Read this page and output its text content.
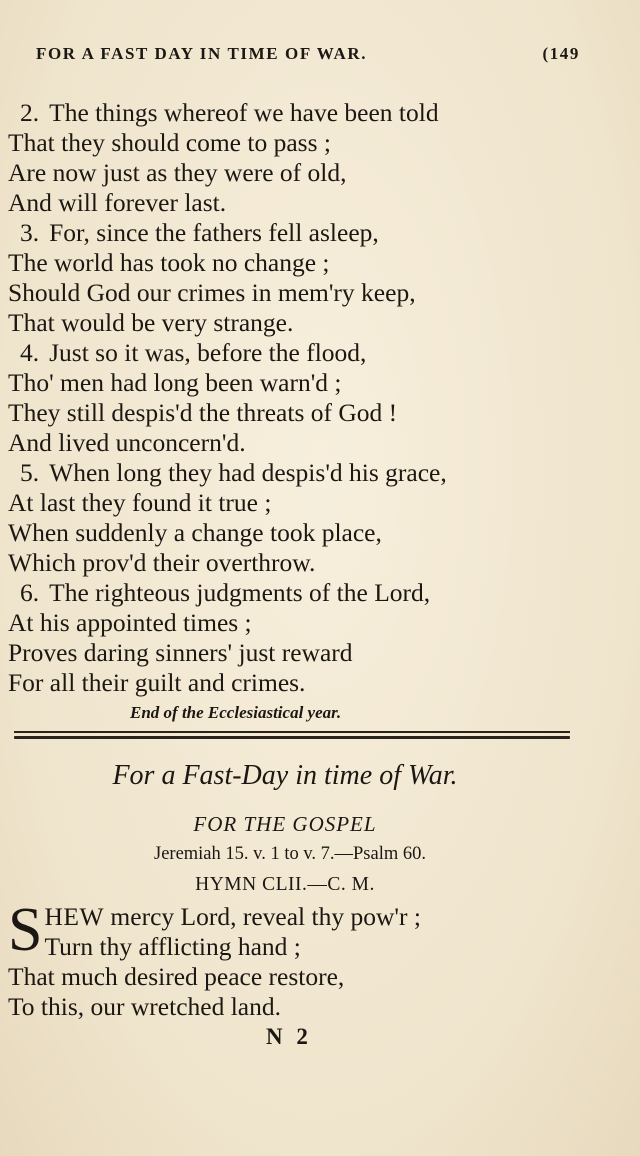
FOR A FAST DAY IN TIME OF WAR.	(149
2. The things whereof we have been told
That they should come to pass ;
Are now just as they were of old,
And will forever last.
3. For, since the fathers fell asleep,
The world has took no change ;
Should God our crimes in mem'ry keep,
That would be very strange.
4. Just so it was, before the flood,
Tho' men had long been warn'd ;
They still despis'd the threats of God !
And lived unconcern'd.
5. When long they had despis'd his grace,
At last they found it true ;
When suddenly a change took place,
Which prov'd their overthrow.
6. The righteous judgments of the Lord,
At his appointed times ;
Proves daring sinners' just reward
For all their guilt and crimes.
End of the Ecclesiastical year.
For a Fast-Day in time of War.
FOR THE GOSPEL
Jeremiah 15. v. 1 to v. 7.—Psalm 60.
HYMN CLII.—C. M.
S HEW mercy Lord, reveal thy pow'r ;
Turn thy afflicting hand ;
That much desired peace restore,
To this, our wretched land.
N 2
